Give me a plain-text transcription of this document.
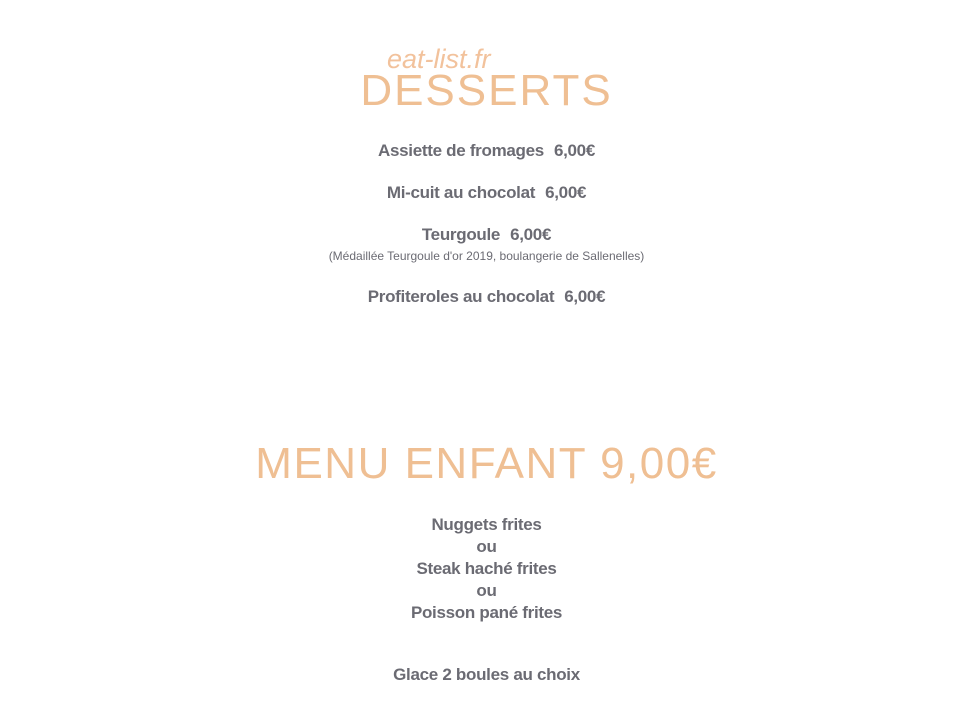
eat-list.fr
DESSERTS
Assiette de fromages 6,00€
Mi-cuit au chocolat 6,00€
Teurgoule 6,00€
(Médaillée Teurgoule d'or 2019, boulangerie de Sallenelles)
Profiteroles au chocolat 6,00€
MENU ENFANT 9,00€
Nuggets frites
ou
Steak haché frites
ou
Poisson pané frites
Glace 2 boules au choix
